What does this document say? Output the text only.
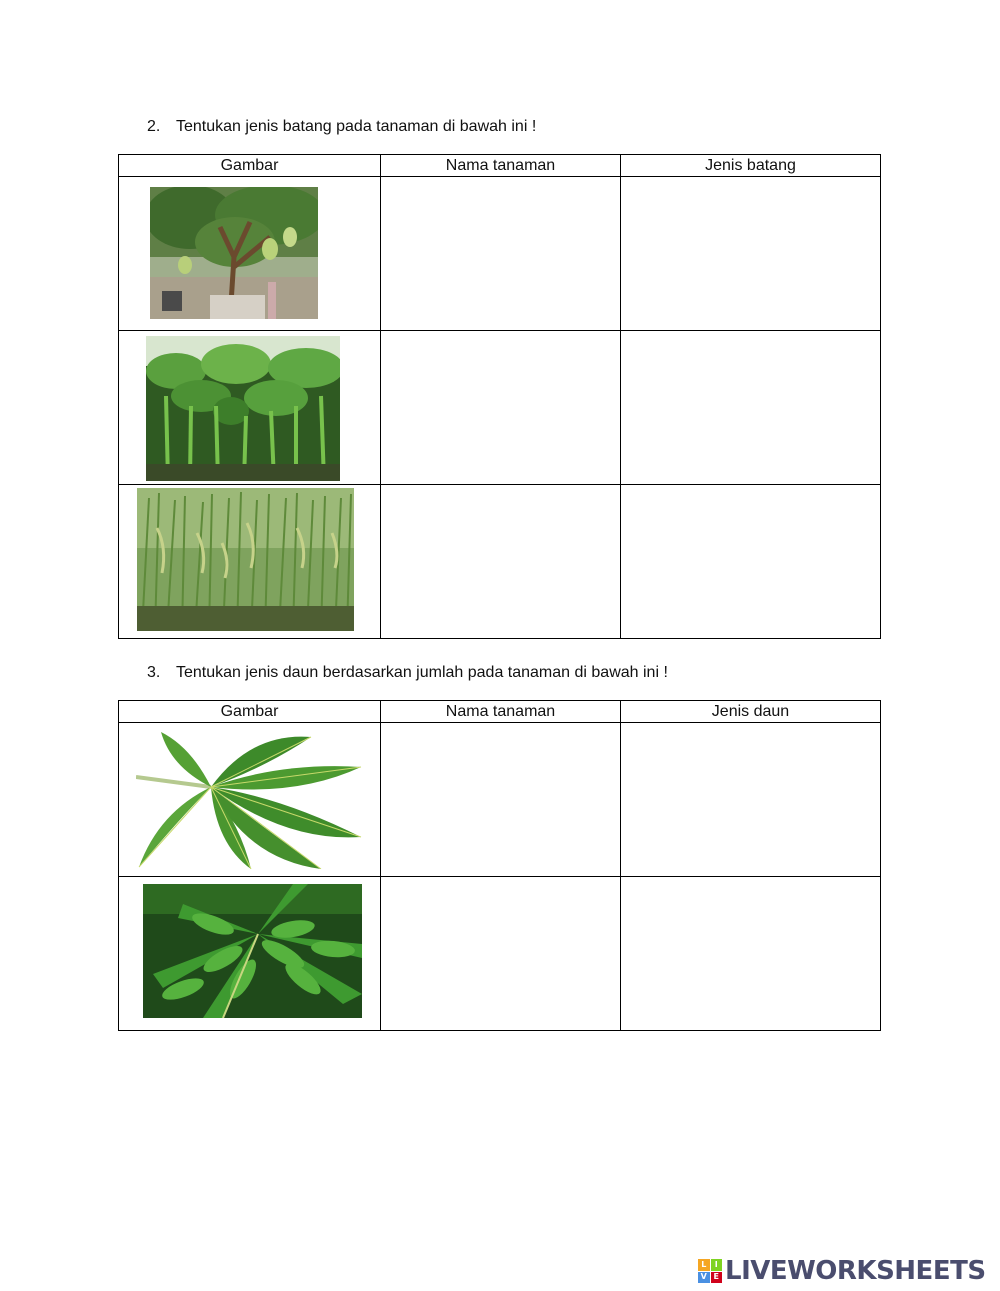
2. Tentukan jenis batang pada tanaman di bawah ini !
Gambar	Nama tanaman	Jenis batang

3. Tentukan jenis daun berdasarkan jumlah pada tanaman di bawah ini !
Gambar	Nama tanaman	Jenis daun

L	I
V E LIVEWORKSHEETS
